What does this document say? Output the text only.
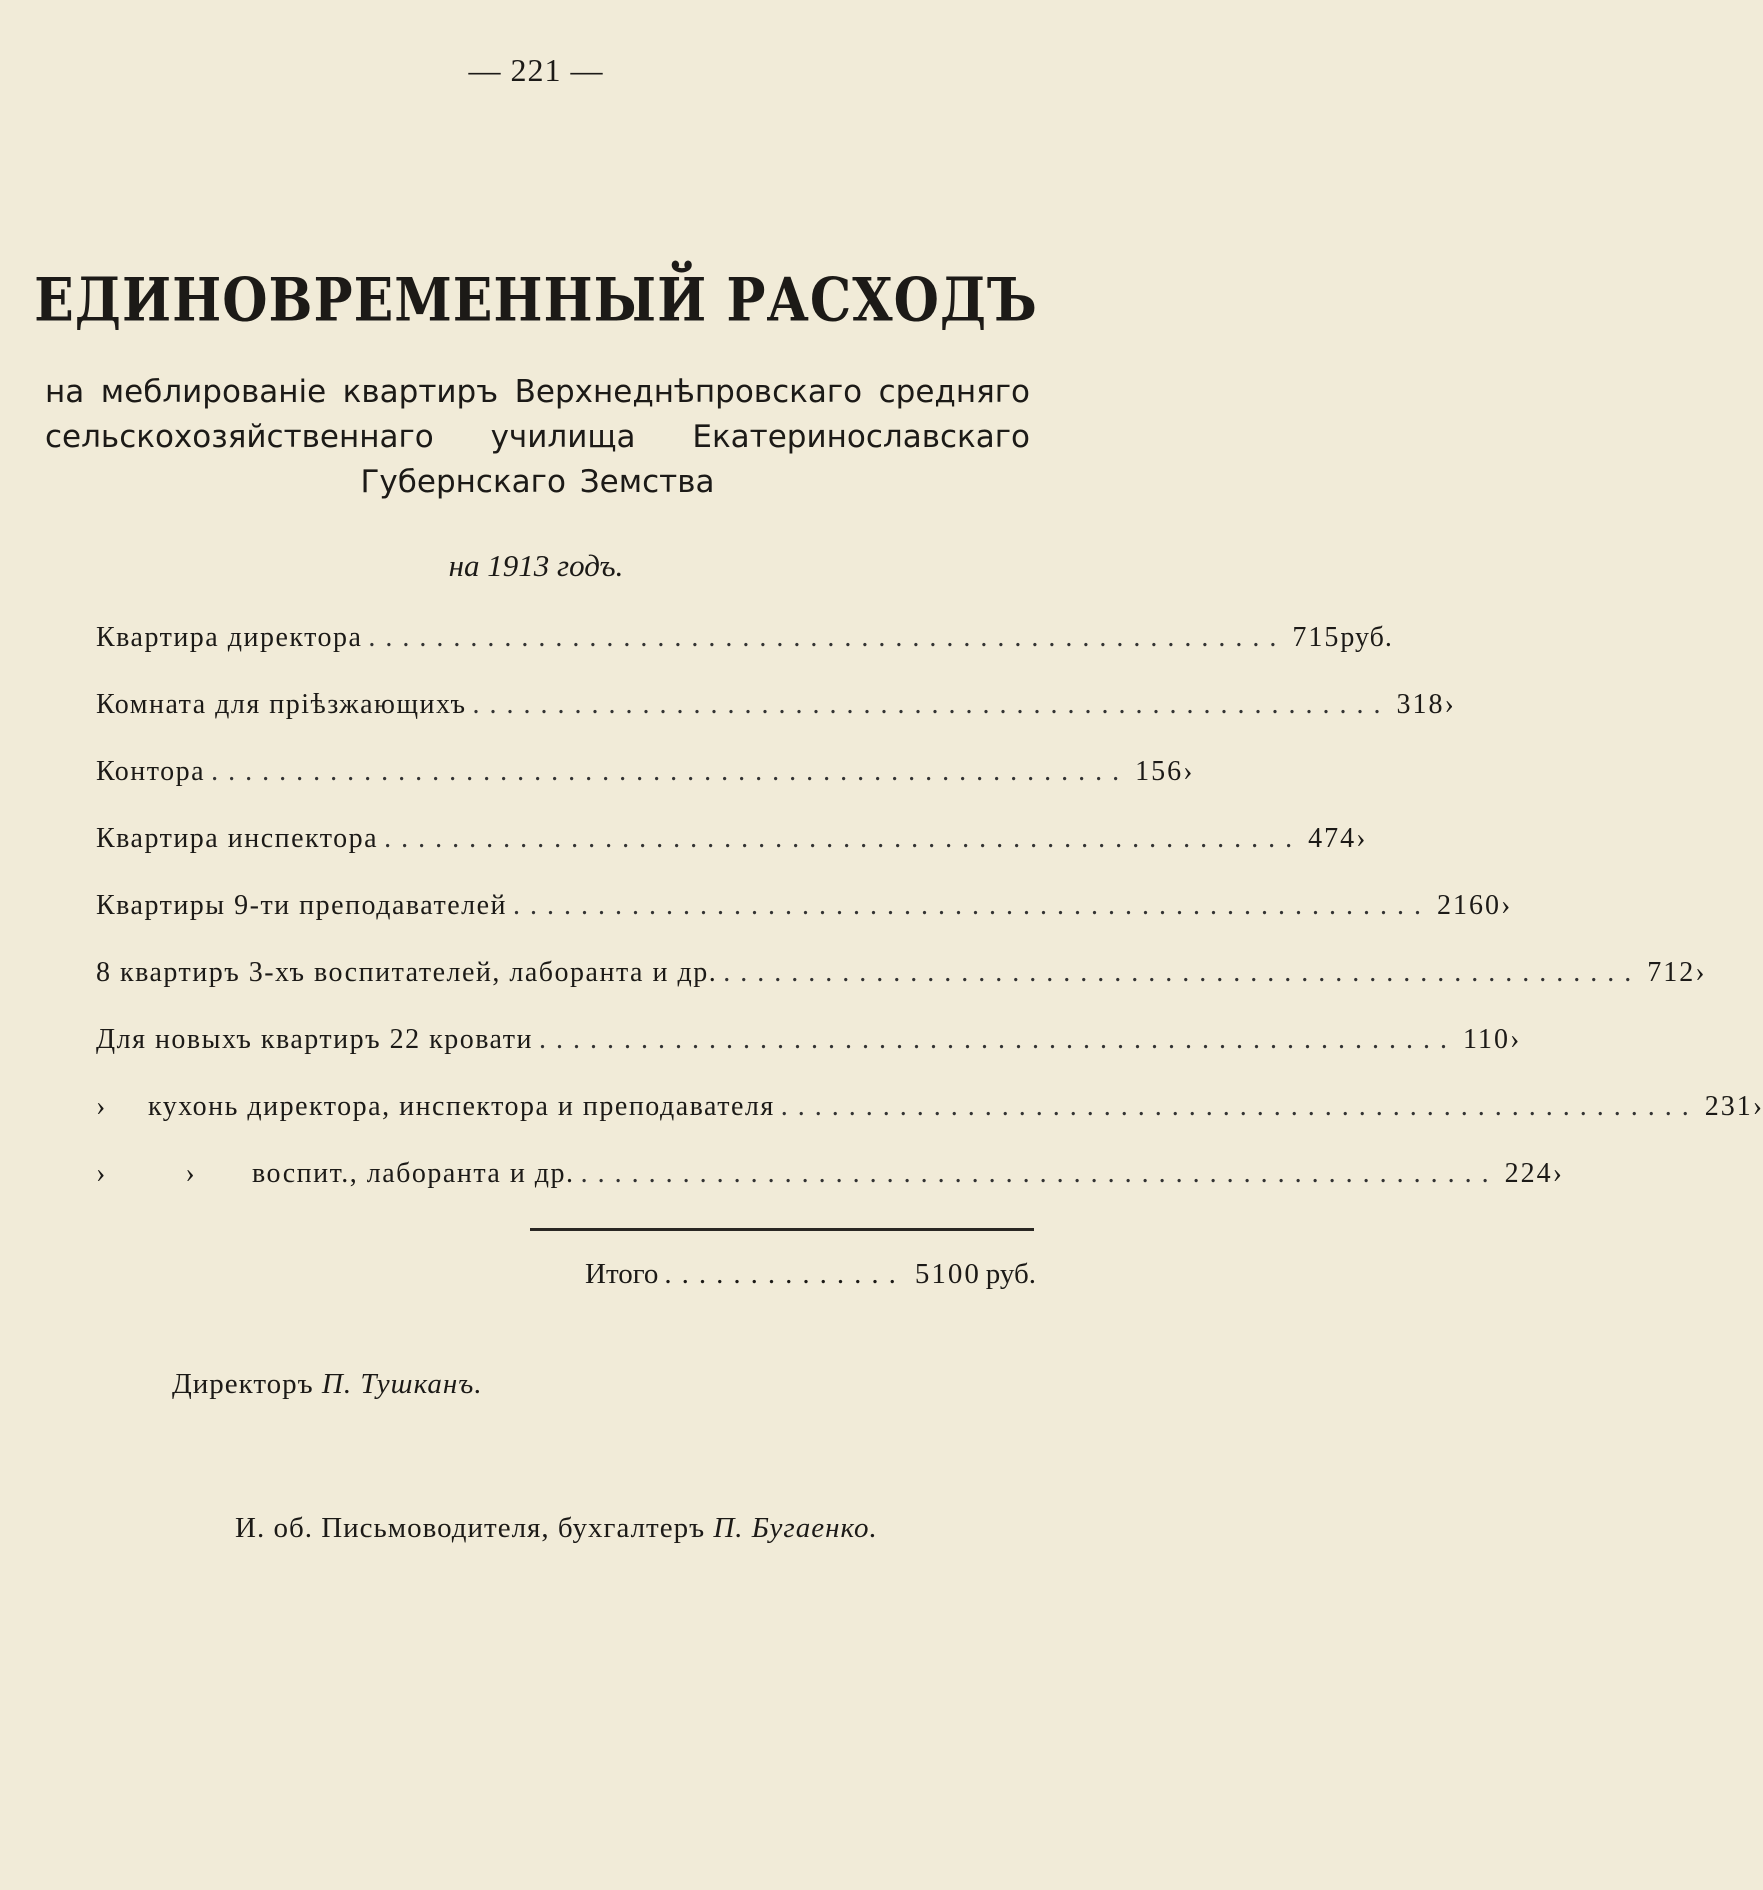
— 221 —
ЕДИНОВРЕМЕННЫЙ РАСХОДЪ
на меблированіе квартиръ Верхнеднѣпровскаго средняго сельскохозяйственнаго училища Екатеринославскаго Губернскаго Земства
на 1913 годъ.
Квартира директора ...................................................... 715 руб.
Комната для пріѣзжающихъ ...................................................... 318 ›
Контора ...................................................... 156 ›
Квартира инспектора ...................................................... 474 ›
Квартиры 9-ти преподавателей ...................................................... 2160 ›
8 квартиръ 3-хъ воспитателей, лаборанта и др. ...................................................... 712 ›
Для новыхъ квартиръ 22 кровати ...................................................... 110 ›
› кухонь директора, инспектора и преподавателя ...................................................... 231 ›
› › воспит., лаборанта и др. ...................................................... 224 ›
Итого .............. 5100 руб.
Директоръ П. Тушканъ.
И. об. Письмоводителя, бухгалтеръ П. Бугаенко.
